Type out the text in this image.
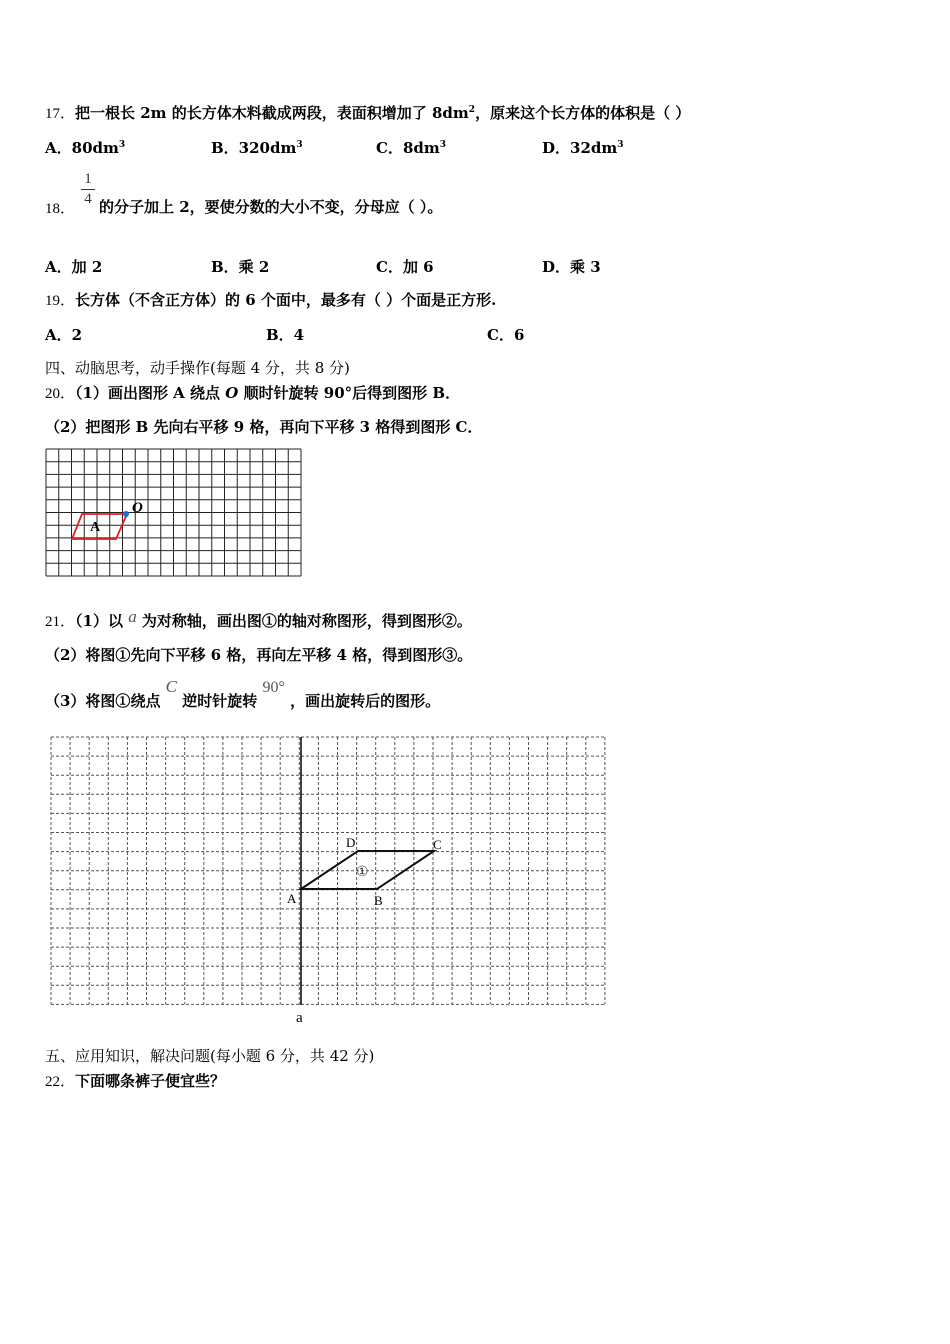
17．把一根长 2m 的长方体木料截成两段，表面积增加了 $8dm^2$，原来这个长方体的体积是（ ）
A．$80dm^3$	B．$320dm^3$	C．$8dm^3$	D．$32dm^3$
18．
1
4 的分子加上 2，要使分数的大小不变，分母应（ ）。
A．加 2	B．乘 2	C．加 6	D．乘 3
19．长方体（不含正方体）的 6 个面中，最多有（ ）个面是正方形.
A．2	B．4	C．6
四、动脑思考，动手操作(每题 4 分，共 8 分)
20．（1）画出图形 A 绕点 O 顺时针旋转 90°后得到图形 B．
（2）把图形 B 先向右平移 9 格，再向下平移 3 格得到图形 C．
A
O
21．（1）以 a 为对称轴，画出图①的轴对称图形，得到图形②。
（2）将图①先向下平移 6 格，再向左平移 4 格，得到图形③。
（3）将图①绕点 C 逆时针旋转 90° ，画出旋转后的图形。
a
A	B
C
D
①
五、应用知识，解决问题(每小题 6 分，共 42 分)
22．下面哪条裤子便宜些？
